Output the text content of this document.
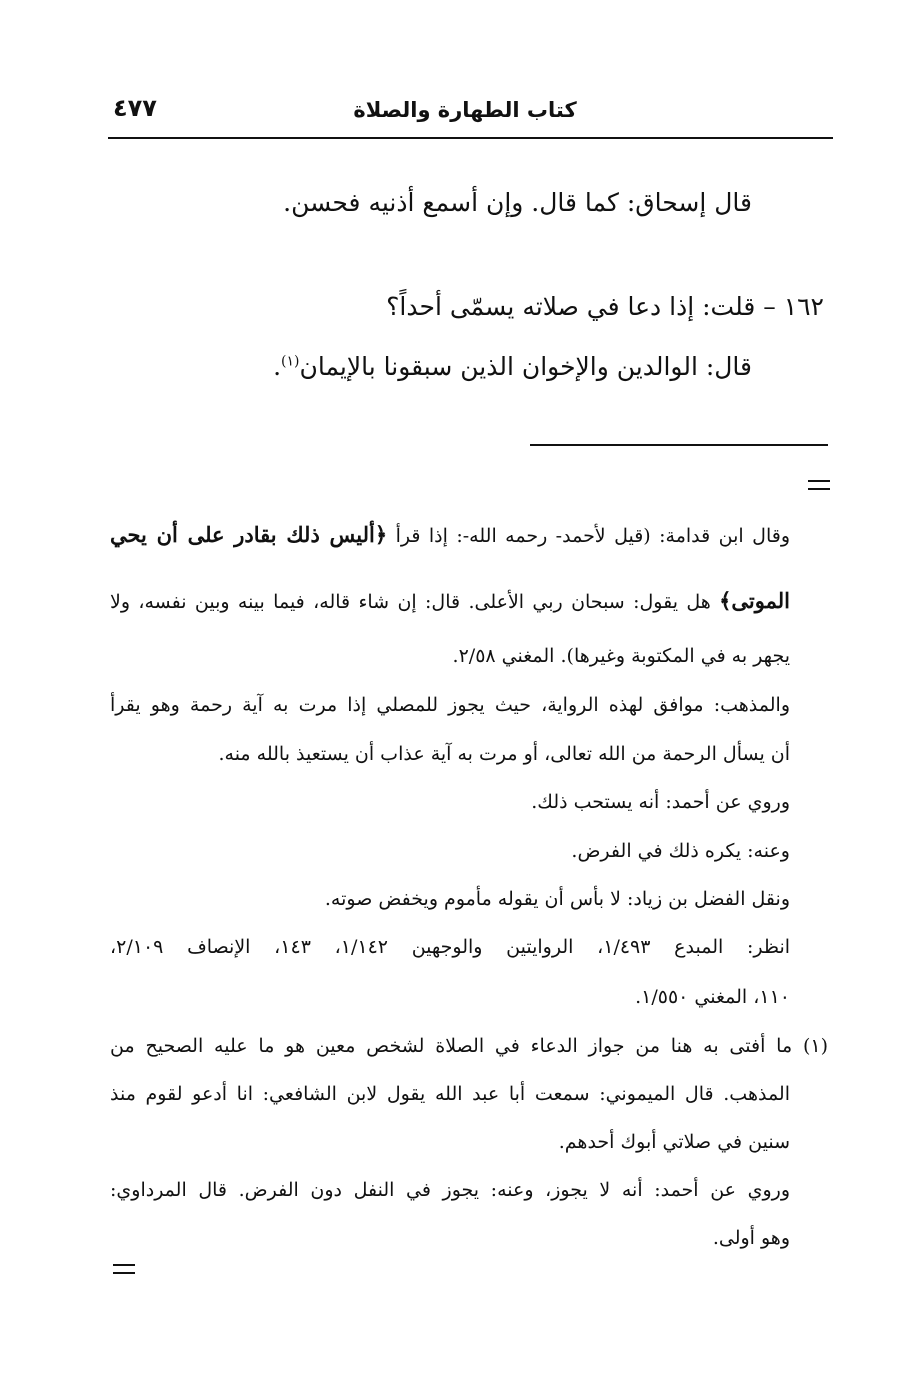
كتاب الطهارة والصلاة
٤٧٧
قال إسحاق: كما قال. وإن أسمع أذنيه فحسن.
١٦٢ – قلت: إذا دعا في صلاته يسمّى أحداً؟
قال: الوالدين والإخوان الذين سبقونا بالإيمان$^{(١)}$.
وقال ابن قدامة: (قيل لأحمد- رحمه الله-: إذا قرأ ﴿أليس ذلك بقادر على أن يحي
الموتى﴾ هل يقول: سبحان ربي الأعلى. قال: إن شاء قاله، فيما بينه وبين نفسه، ولا
يجهر به في المكتوبة وغيرها). المغني ٢/٥٨.
والمذهب: موافق لهذه الرواية، حيث يجوز للمصلي إذا مرت به آية رحمة وهو يقرأ
أن يسأل الرحمة من الله تعالى، أو مرت به آية عذاب أن يستعيذ بالله منه.
وروي عن أحمد: أنه يستحب ذلك.
وعنه: يكره ذلك في الفرض.
ونقل الفضل بن زياد: لا بأس أن يقوله مأموم ويخفض صوته.
انظر: المبدع ١/٤٩٣، الروايتين والوجهين ١/١٤٢، ١٤٣، الإنصاف ٢/١٠٩،
١١٠، المغني ١/٥٥٠.
(١) ما أفتى به هنا من جواز الدعاء في الصلاة لشخص معين هو ما عليه الصحيح من
المذهب. قال الميموني: سمعت أبا عبد الله يقول لابن الشافعي: انا أدعو لقوم منذ
سنين في صلاتي أبوك أحدهم.
وروي عن أحمد: أنه لا يجوز، وعنه: يجوز في النفل دون الفرض. قال المرداوي:
وهو أولى.
